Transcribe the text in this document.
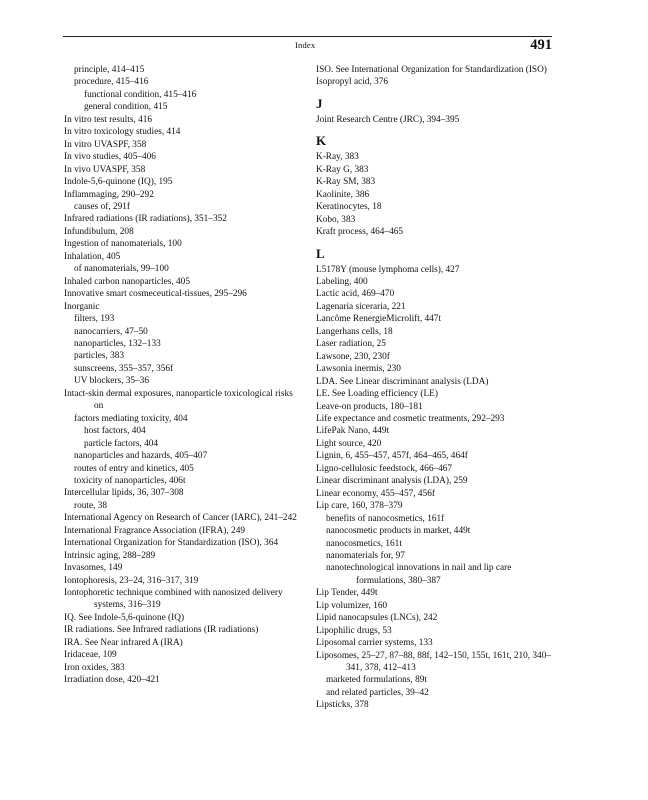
Index	491
principle, 414–415
procedure, 415–416
functional condition, 415–416
general condition, 415
In vitro test results, 416
In vitro toxicology studies, 414
In vitro UVASPF, 358
In vivo studies, 405–406
In vivo UVASPF, 358
Indole-5,6-quinone (IQ), 195
Inflammaging, 290–292
causes of, 291f
Infrared radiations (IR radiations), 351–352
Infundibulum, 208
Ingestion of nanomaterials, 100
Inhalation, 405
of nanomaterials, 99–100
Inhaled carbon nanoparticles, 405
Innovative smart cosmeceutical-tissues, 295–296
Inorganic
filters, 193
nanocarriers, 47–50
nanoparticles, 132–133
particles, 383
sunscreens, 355–357, 356f
UV blockers, 35–36
Intact-skin dermal exposures, nanoparticle toxicological risks on
factors mediating toxicity, 404
host factors, 404
particle factors, 404
nanoparticles and hazards, 405–407
routes of entry and kinetics, 405
toxicity of nanoparticles, 406t
Intercellular lipids, 36, 307–308
route, 38
International Agency on Research of Cancer (IARC), 241–242
International Fragrance Association (IFRA), 249
International Organization for Standardization (ISO), 364
Intrinsic aging, 288–289
Invasomes, 149
Iontophoresis, 23–24, 316–317, 319
Iontophoretic technique combined with nanosized delivery systems, 316–319
IQ. See Indole-5,6-quinone (IQ)
IR radiations. See Infrared radiations (IR radiations)
IRA. See Near infrared A (IRA)
Iridaceae, 109
Iron oxides, 383
Irradiation dose, 420–421
ISO. See International Organization for Standardization (ISO)
Isopropyl acid, 376
J
Joint Research Centre (JRC), 394–395
K
K-Ray, 383
K-Ray G, 383
K-Ray SM, 383
Kaolinite, 386
Keratinocytes, 18
Kobo, 383
Kraft process, 464–465
L
L5178Y (mouse lymphoma cells), 427
Labeling, 400
Lactic acid, 469–470
Lagenaria siceraria, 221
Lancôme RenergieMicrolift, 447t
Langerhans cells, 18
Laser radiation, 25
Lawsone, 230, 230f
Lawsonia inermis, 230
LDA. See Linear discriminant analysis (LDA)
LE. See Loading efficiency (LE)
Leave-on products, 180–181
Life expectance and cosmetic treatments, 292–293
LifePak Nano, 449t
Light source, 420
Lignin, 6, 455–457, 457f, 464–465, 464f
Ligno-cellulosic feedstock, 466–467
Linear discriminant analysis (LDA), 259
Linear economy, 455–457, 456f
Lip care, 160, 378–379
benefits of nanocosmetics, 161f
nanocosmetic products in market, 449t
nanocosmetics, 161t
nanomaterials for, 97
nanotechnological innovations in nail and lip care formulations, 380–387
Lip Tender, 449t
Lip volumizer, 160
Lipid nanocapsules (LNCs), 242
Lipophilic drugs, 53
Liposomal carrier systems, 133
Liposomes, 25–27, 87–88, 88f, 142–150, 155t, 161t, 210, 340–341, 378, 412–413
marketed formulations, 89t
and related particles, 39–42
Lipsticks, 378
